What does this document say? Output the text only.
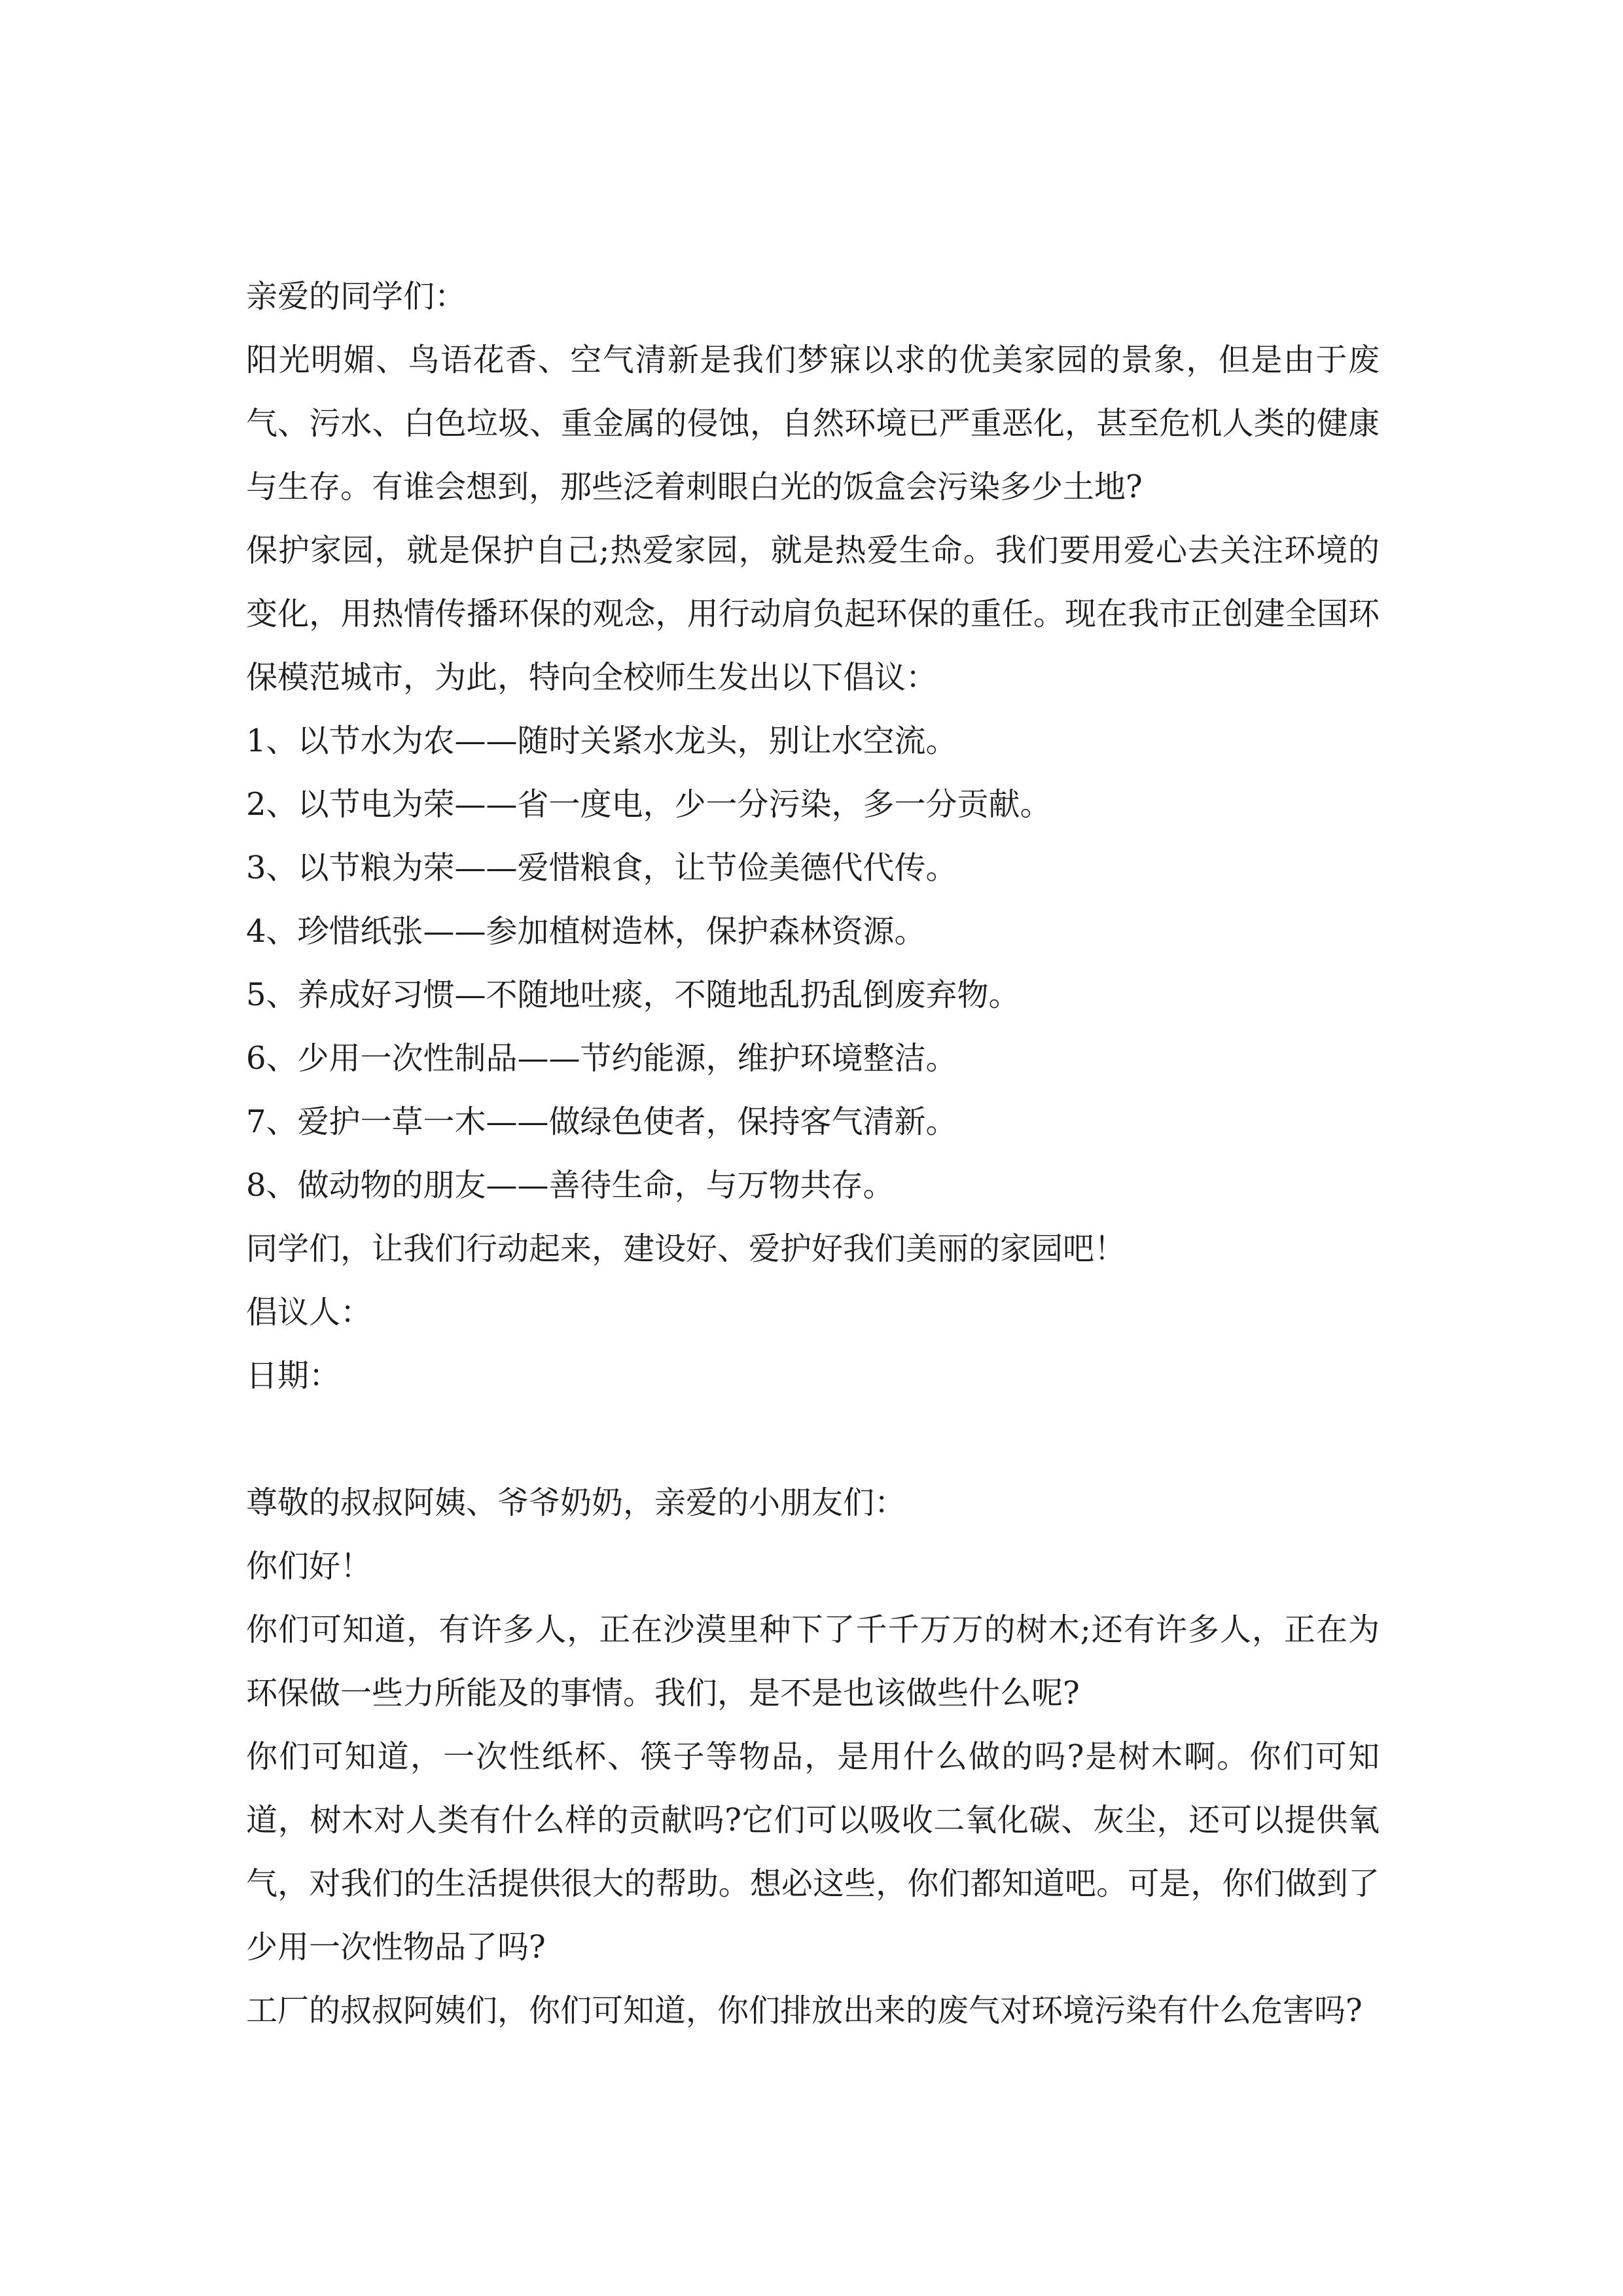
亲爱的同学们：

阳光明媚、鸟语花香、空气清新是我们梦寐以求的优美家园的景象，但是由于废气、污水、白色垃圾、重金属的侵蚀，自然环境已严重恶化，甚至危机人类的健康与生存。有谁会想到，那些泛着刺眼白光的饭盒会污染多少土地?

保护家园，就是保护自己;热爱家园，就是热爱生命。我们要用爱心去关注环境的变化，用热情传播环保的观念，用行动肩负起环保的重任。现在我市正创建全国环保模范城市，为此，特向全校师生发出以下倡议：

1、以节水为农——随时关紧水龙头，别让水空流。

2、以节电为荣——省一度电，少一分污染，多一分贡献。

3、以节粮为荣——爱惜粮食，让节俭美德代代传。

4、珍惜纸张——参加植树造林，保护森林资源。

5、养成好习惯—不随地吐痰，不随地乱扔乱倒废弃物。

6、少用一次性制品——节约能源，维护环境整洁。

7、爱护一草一木——做绿色使者，保持客气清新。

8、做动物的朋友——善待生命，与万物共存。

同学们，让我们行动起来，建设好、爱护好我们美丽的家园吧！

倡议人：

日期：

尊敬的叔叔阿姨、爷爷奶奶，亲爱的小朋友们：

你们好！

你们可知道，有许多人，正在沙漠里种下了千千万万的树木;还有许多人，正在为环保做一些力所能及的事情。我们，是不是也该做些什么呢?

你们可知道，一次性纸杯、筷子等物品，是用什么做的吗?是树木啊。你们可知道，树木对人类有什么样的贡献吗?它们可以吸收二氧化碳、灰尘，还可以提供氧气，对我们的生活提供很大的帮助。想必这些，你们都知道吧。可是，你们做到了少用一次性物品了吗?

工厂的叔叔阿姨们，你们可知道，你们排放出来的废气对环境污染有什么危害吗?
